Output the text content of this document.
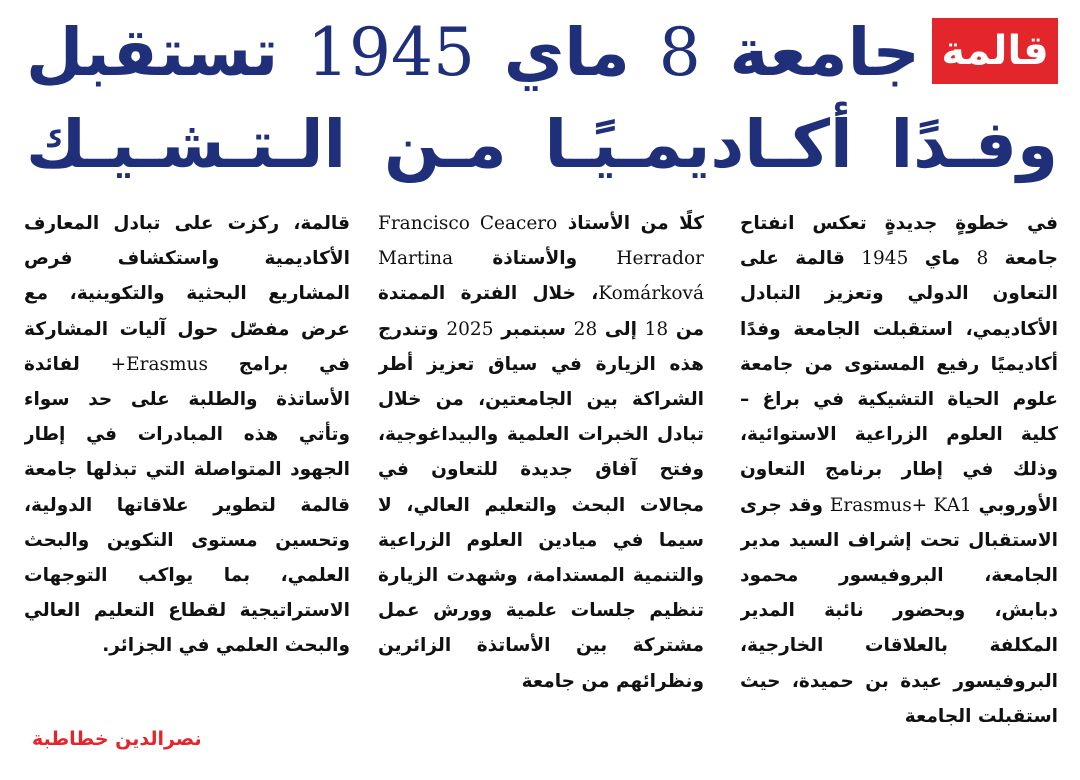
قالمة
جامعة 8 ماي 1945 تستقبل
وفـدًا أكـاديمـيًـا مـن الـتـشـيـك
في خطوةٍ جديدةٍ تعكس انفتاح جامعة 8 ماي 1945 قالمة على التعاون الدولي وتعزيز التبادل الأكاديمي، استقبلت الجامعة وفدًا أكاديميًا رفيع المستوى من جامعة علوم الحياة التشيكية في براغ – كلية العلوم الزراعية الاستوائية، وذلك في إطار برنامج التعاون الأوروبي Erasmus+ KA1 وقد جرى الاستقبال تحت إشراف السيد مدير الجامعة، البروفيسور محمود دبابش، وبحضور نائبة المدير المكلفة بالعلاقات الخارجية، البروفيسور عيدة بن حميدة، حيث استقبلت الجامعة
كلًا من الأستاذ Francisco Ceacero Herrador والأستاذة Martina Komárková، خلال الفترة الممتدة من 18 إلى 28 سبتمبر 2025 وتندرج هذه الزيارة في سياق تعزيز أطر الشراكة بين الجامعتين، من خلال تبادل الخبرات العلمية والبيداغوجية، وفتح آفاق جديدة للتعاون في مجالات البحث والتعليم العالي، لا سيما في ميادين العلوم الزراعية والتنمية المستدامة، وشهدت الزيارة تنظيم جلسات علمية وورش عمل مشتركة بين الأساتذة الزائرين ونظرائهم من جامعة
قالمة، ركزت على تبادل المعارف الأكاديمية واستكشاف فرص المشاريع البحثية والتكوينية، مع عرض مفصّل حول آليات المشاركة في برامج Erasmus+ لفائدة الأساتذة والطلبة على حد سواء وتأتي هذه المبادرات في إطار الجهود المتواصلة التي تبذلها جامعة قالمة لتطوير علاقاتها الدولية، وتحسين مستوى التكوين والبحث العلمي، بما يواكب التوجهات الاستراتيجية لقطاع التعليم العالي والبحث العلمي في الجزائر.
نصرالدين خطاطبة
